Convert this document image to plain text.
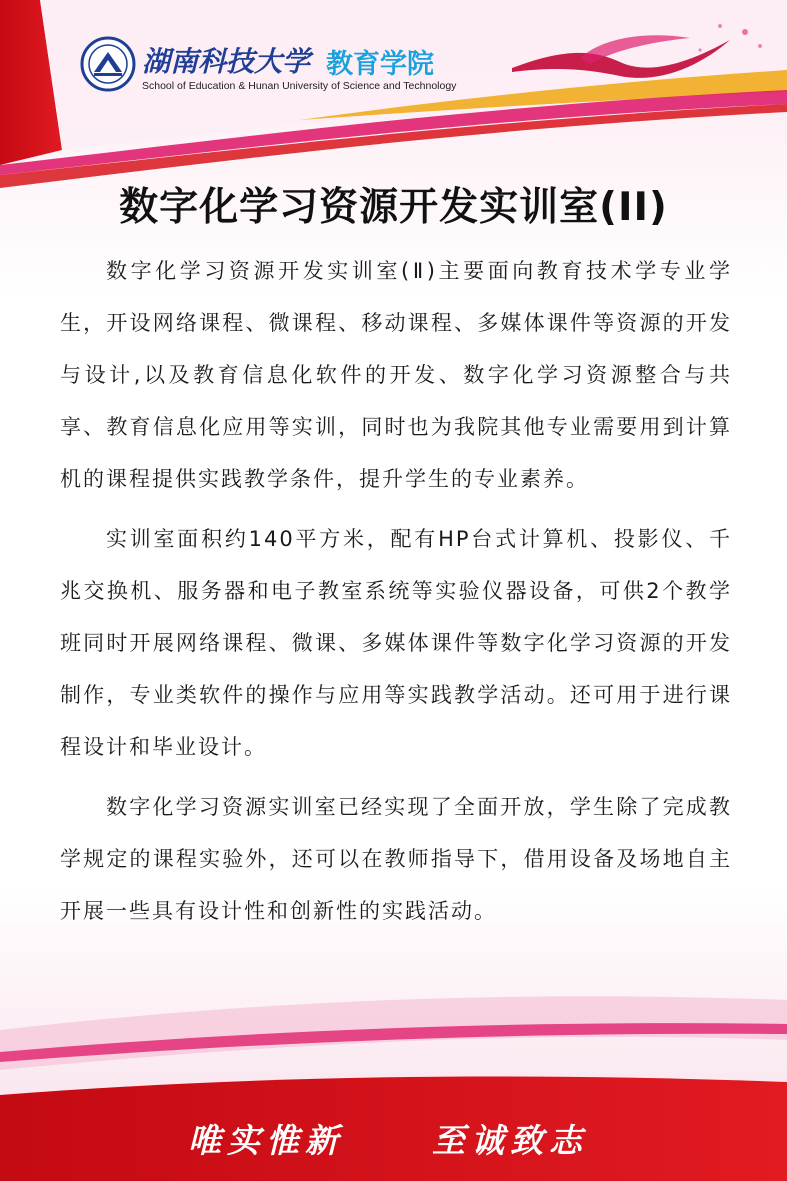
湖南科技大学 教育学院
School of Education & Hunan University of Science and Technology
数字化学习资源开发实训室(II)

数字化学习资源开发实训室(Ⅱ)主要面向教育技术学专业学生，开设网络课程、微课程、移动课程、多媒体课件等资源的开发与设计,以及教育信息化软件的开发、数字化学习资源整合与共享、教育信息化应用等实训，同时也为我院其他专业需要用到计算机的课程提供实践教学条件，提升学生的专业素养。

实训室面积约140平方米，配有HP台式计算机、投影仪、千兆交换机、服务器和电子教室系统等实验仪器设备，可供2个教学班同时开展网络课程、微课、多媒体课件等数字化学习资源的开发制作，专业类软件的操作与应用等实践教学活动。还可用于进行课程设计和毕业设计。

数字化学习资源实训室已经实现了全面开放，学生除了完成教学规定的课程实验外，还可以在教师指导下，借用设备及场地自主开展一些具有设计性和创新性的实践活动。

唯实惟新	至诚致志
